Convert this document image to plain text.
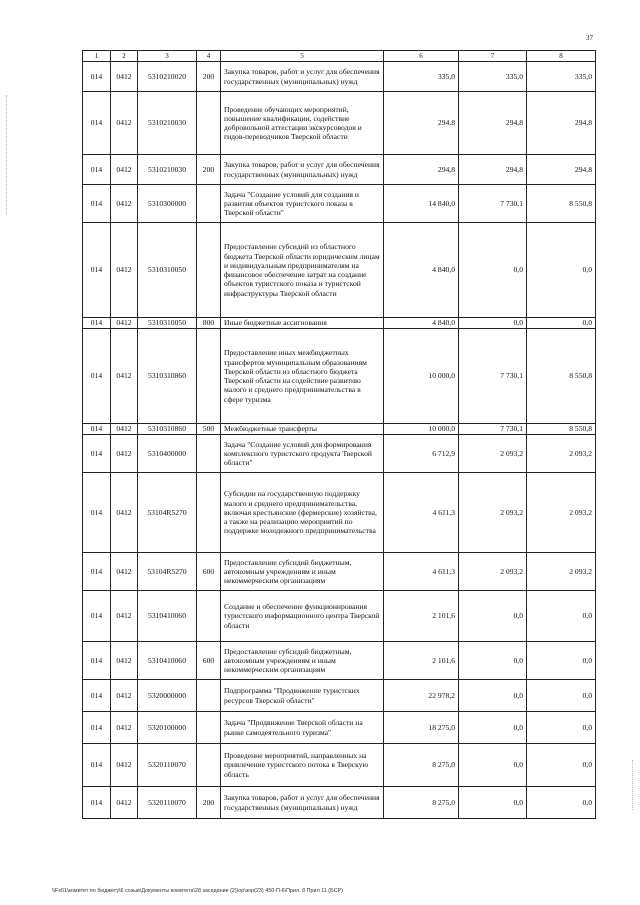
37
1	2	3	4	5	6	7	8
014	0412	5310210020	200	Закупка товаров, работ и услуг для обеспечения государственных (муниципальных) нужд	335,0	335,0	335,0
014	0412	5310210030		Проведение обучающих мероприятий, повышение квалификации, содействие добровольной аттестации экскурсоводов и гидов-переводчиков Тверской области	294,8	294,8	294,8
014	0412	5310210030	200	Закупка товаров, работ и услуг для обеспечения государственных (муниципальных) нужд	294,8	294,8	294,8
014	0412	5310300000		Задача "Создание условий для создания и развития объектов туристского показа в Тверской области"	14 840,0	7 730,1	8 550,8
014	0412	5310310050		Предоставление субсидий из областного бюджета Тверской области юридическим лицам и индивидуальным предпринимателям на финансовое обеспечение затрат на создание объектов туристского показа и туристской инфраструктуры Тверской области	4 840,0	0,0	0,0
014	0412	5310310050	800	Иные бюджетные ассигнования	4 840,0	0,0	0,0
014	0412	5310310860		Предоставление иных межбюджетных трансфертов муниципальным образованиям Тверской области из областного бюджета Тверской области на содействие развитию малого и среднего предпринимательства в сфере туризма	10 000,0	7 730,1	8 550,8
014	0412	5310310860	500	Межбюджетные трансферты	10 000,0	7 730,1	8 550,8
014	0412	5310400000		Задача "Создание условий для формирования комплексного туристского продукта Тверской области"	6 712,9	2 093,2	2 093,2
014	0412	53104R5270		Субсидии на государственную поддержку малого и среднего предпринимательства, включая крестьянские (фермерские) хозяйства, а также на реализацию мероприятий по поддержке молодежного предпринимательства	4 611,3	2 093,2	2 093,2
014	0412	53104R5270	600	Предоставление субсидий бюджетным, автономным учреждениям и иным некоммерческим организациям	4 611,3	2 093,2	2 093,2
014	0412	5310410060		Создание и обеспечение функционирования туристского информационного центра Тверской области	2 101,6	0,0	0,0
014	0412	5310410060	600	Предоставление субсидий бюджетным, автономным учреждениям и иным некоммерческим организациям	2 101,6	0,0	0,0
014	0412	5320000000		Подпрограмма "Продвижение туристских ресурсов Тверской области"	22 978,2	0,0	0,0
014	0412	5320100000		Задача "Продвижение Тверской области на рынке самодеятельного туризма"	18 275,0	0,0	0,0
014	0412	5320110070		Проведение мероприятий, направленных на привлечение туристского потока в Тверскую область	8 275,0	0,0	0,0
014	0412	5320110070	200	Закупка товаров, работ и услуг для обеспечения государственных (муниципальных) нужд	8 275,0	0,0	0,0
\\Fs01\комитет по бюджету\6 созыв\Документы комитета\28 заседание (2)\ор\зор(23) 450-П-6\Прил. 8 Прил 11 (БСР)
